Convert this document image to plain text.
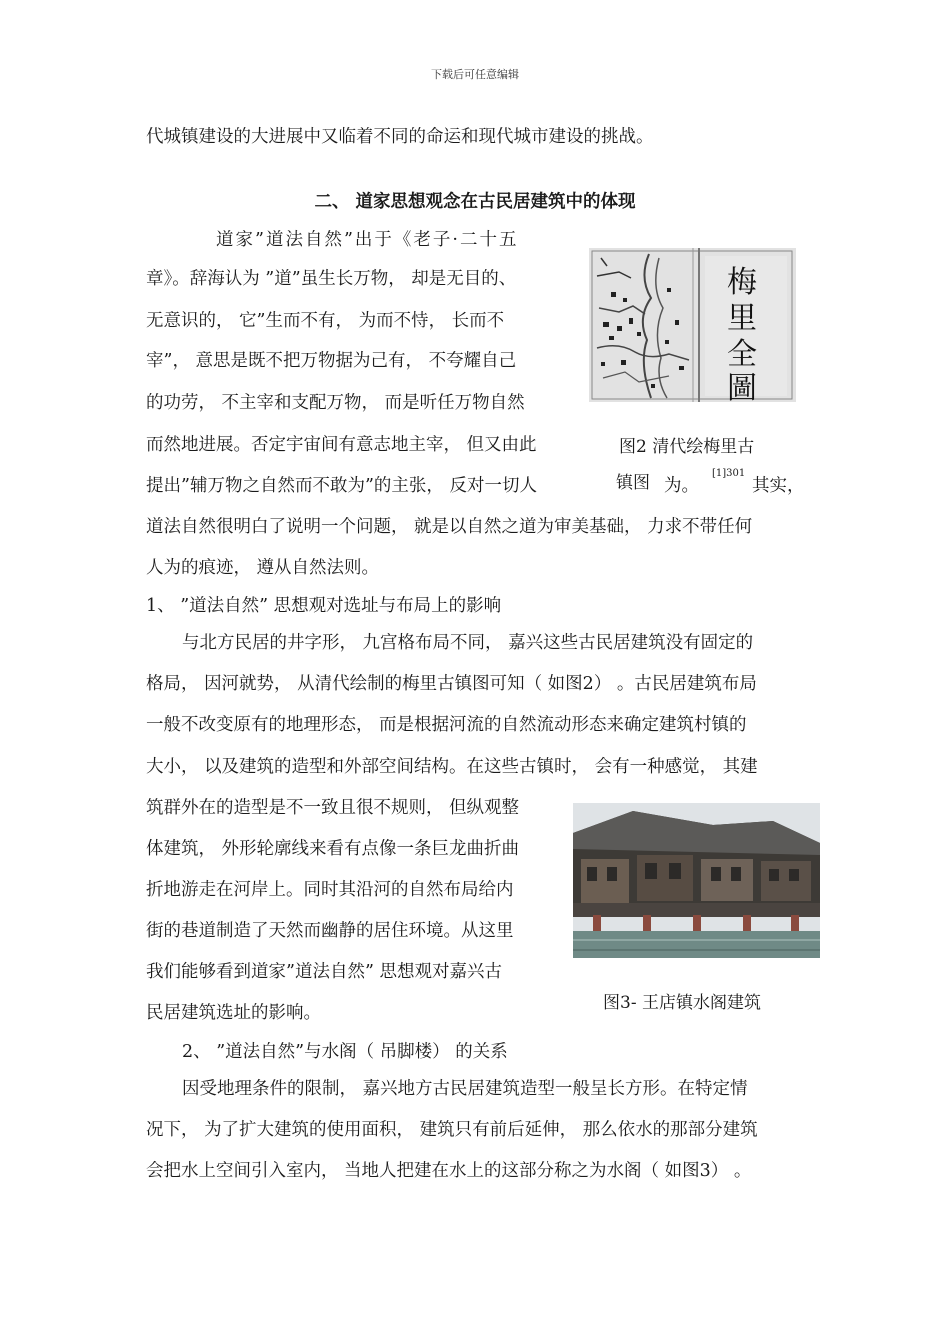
下载后可任意编辑
代城镇建设的大进展中又临着不同的命运和现代城市建设的挑战。
二、 道家思想观念在古民居建筑中的体现
道家”道法自然”出于《老子·二十五
章》。辞海认为 ”道”虽生长万物， 却是无目的、
无意识的， 它”生而不有， 为而不恃， 长而不
宰”， 意思是既不把万物据为己有， 不夸耀自己
的功劳， 不主宰和支配万物， 而是听任万物自然
而然地进展。否定宇宙间有意志地主宰， 但又由此
提出”辅万物之自然而不敢为”的主张， 反对一切人	为。
[1]301
其实，
道法自然很明白了说明一个问题， 就是以自然之道为审美基础， 力求不带任何
人为的痕迹， 遵从自然法则。
1、 ”道法自然” 思想观对选址与布局上的影响
与北方民居的井字形， 九宫格布局不同， 嘉兴这些古民居建筑没有固定的
格局， 因河就势， 从清代绘制的梅里古镇图可知（ 如图2） 。古民居建筑布局
一般不改变原有的地理形态， 而是根据河流的自然流动形态来确定建筑村镇的
大小， 以及建筑的造型和外部空间结构。在这些古镇时， 会有一种感觉， 其建
筑群外在的造型是不一致且很不规则， 但纵观整
体建筑， 外形轮廓线来看有点像一条巨龙曲折曲
折地游走在河岸上。同时其沿河的自然布局给内
街的巷道制造了天然而幽静的居住环境。从这里
我们能够看到道家”道法自然” 思想观对嘉兴古
民居建筑选址的影响。
2、 ”道法自然”与水阁（ 吊脚楼） 的关系
因受地理条件的限制， 嘉兴地方古民居建筑造型一般呈长方形。在特定情
况下， 为了扩大建筑的使用面积， 建筑只有前后延伸， 那么依水的那部分建筑
会把水上空间引入室内， 当地人把建在水上的这部分称之为水阁（ 如图3） 。
梅
里
全
圖
图2 清代绘梅里古
镇图
图3- 王店镇水阁建筑
